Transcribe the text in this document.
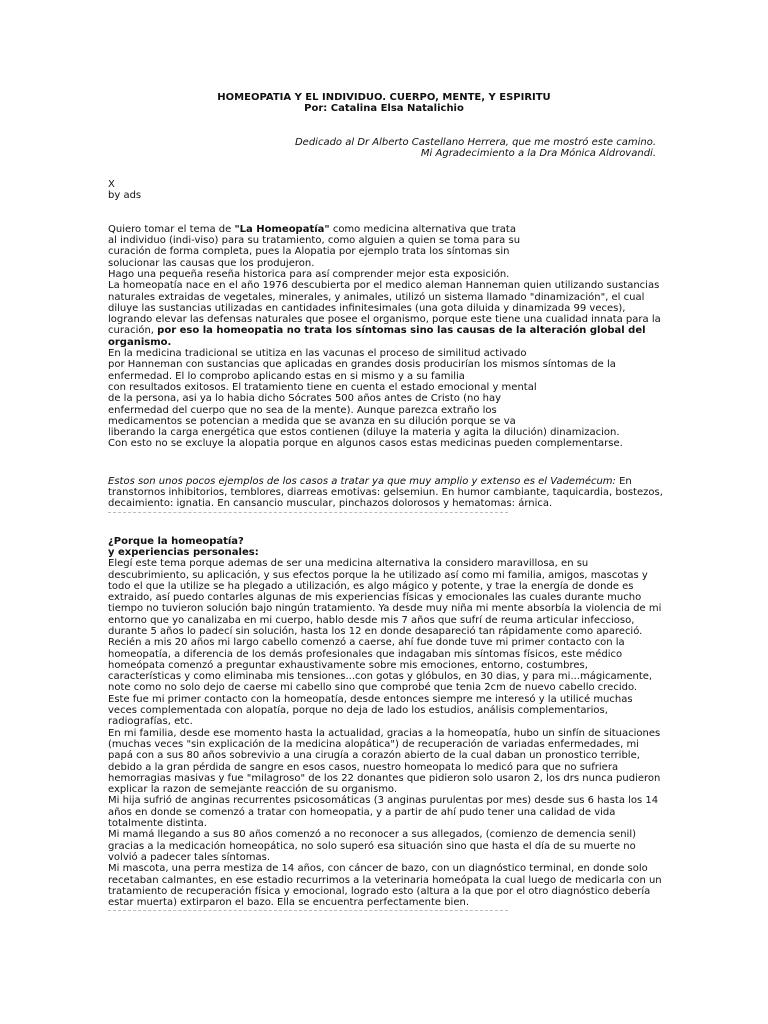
HOMEOPATIA Y EL INDIVIDUO. CUERPO, MENTE, Y ESPIRITU
Por: Catalina Elsa Natalichio
Dedicado al Dr Alberto Castellano Herrera, que me mostró este camino.
Mi Agradecimiento a la Dra Mónica Aldrovandi.
X
by ads
Quiero tomar el tema de "La Homeopatía" como medicina alternativa que trata
al individuo (indi-viso) para su tratamiento, como alguien a quien se toma para su
curación de forma completa, pues la Alopatia por ejemplo trata los síntomas sin
solucionar las causas que los produjeron.
Hago una pequeña reseña historica para así comprender mejor esta exposición.
La homeopatía nace en el año 1976 descubierta por el medico aleman Hanneman quien utilizando sustancias naturales extraidas de vegetales, minerales, y animales, utilizó un sistema llamado "dinamización", el cual diluye las sustancias utilizadas en cantidades infinitesimales (una gota diluida y dinamizada 99 veces), logrando elevar las defensas naturales que posee el organismo, porque este tiene una cualidad innata para la
curación, por eso la homeopatia no trata los síntomas sino las causas de la alteración global del organismo.
En la medicina tradicional se utitiza en las vacunas el proceso de similitud activado
por Hanneman con sustancias que aplicadas en grandes dosis producirían los mismos síntomas de la enfermedad. El lo comprobo aplicando estas en si mismo y a su familia
con resultados exitosos. El tratamiento tiene en cuenta el estado emocional y mental
de la persona, asi ya lo habia dicho Sócrates 500 años antes de Cristo (no hay
enfermedad del cuerpo que no sea de la mente). Aunque parezca extraño los
medicamentos se potencian a medida que se avanza en su dilución porque se va
liberando la carga energética que estos contienen (diluye la materia y agita la dilución) dinamizacion.
Con esto no se excluye la alopatia porque en algunos casos estas medicinas pueden complementarse.
Estos son unos pocos ejemplos de los casos a tratar ya que muy amplio y extenso es el Vademécum: En transtornos inhibitorios, temblores, diarreas emotivas: gelsemiun. En humor cambiante, taquicardia, bostezos, decaimiento: ignatia. En cansancio muscular, pinchazos dolorosos y hematomas: árnica.
¿Porque la homeopatía?
y experiencias personales:
Elegí este tema porque ademas de ser una medicina alternativa la considero maravillosa, en su descubrimiento, su aplicación, y sus efectos porque la he utilizado así como mi familia, amigos, mascotas y todo el que la utilize se ha plegado a utilización, es algo mágico y potente, y trae la energía de donde es extraido, así puedo contarles algunas de mis experiencias físicas y emocionales las cuales durante mucho tiempo no tuvieron solución bajo ningún tratamiento. Ya desde muy niña mi mente absorbía la violencia de mi entorno que yo canalizaba en mi cuerpo, hablo desde mis 7 años que sufrí de reuma articular infeccioso, durante 5 años lo padecí sin solución, hasta los 12 en donde desapareció tan rápidamente como apareció. Recién a mis 20 años mi largo cabello comenzó a caerse, ahí fue donde tuve mi primer contacto con la homeopatía, a diferencia de los demás profesionales que indagaban mis síntomas físicos, este médico homeópata comenzó a preguntar exhaustivamente sobre mis emociones, entorno, costumbres, características y como eliminaba mis tensiones...con gotas y glóbulos, en 30 dias, y para mi...mágicamente, note como no solo dejo de caerse mi cabello sino que comprobé que tenia 2cm de nuevo cabello crecido.
Este fue mi primer contacto con la homeopatía, desde entonces siempre me interesó y la utilicé muchas veces complementada con alopatía, porque no deja de lado los estudios, análisis complementarios, radiografías, etc.
En mi familia, desde ese momento hasta la actualidad, gracias a la homeopatía, hubo un sinfín de situaciones (muchas veces "sin explicación de la medicina alopática") de recuperación de variadas enfermedades, mi papá con a sus 80 años sobrevivio a una cirugía a corazón abierto de la cual daban un pronostico terrible, debido a la gran pérdida de sangre en esos casos, nuestro homeopata lo medicó para que no sufriera hemorragias masivas y fue "milagroso" de los 22 donantes que pidieron solo usaron 2, los drs nunca pudieron explicar la razon de semejante reacción de su organismo.
Mi hija sufrió de anginas recurrentes psicosomáticas (3 anginas purulentas por mes) desde sus 6 hasta los 14 años en donde se comenzó a tratar con homeopatia, y a partir de ahí pudo tener una calidad de vida totalmente distinta.
Mi mamá llegando a sus 80 años comenzó a no reconocer a sus allegados, (comienzo de demencia senil) gracias a la medicación homeopática, no solo superó esa situación sino que hasta el día de su muerte no volvió a padecer tales síntomas.
Mi mascota, una perra mestiza de 14 años, con cáncer de bazo, con un diagnóstico terminal, en donde solo recetaban calmantes, en ese estadio recurrimos a la veterinaria homeópata la cual luego de medicarla con un tratamiento de recuperación física y emocional, logrado esto (altura a la que por el otro diagnóstico debería estar muerta) extirparon el bazo. Ella se encuentra perfectamente bien.
